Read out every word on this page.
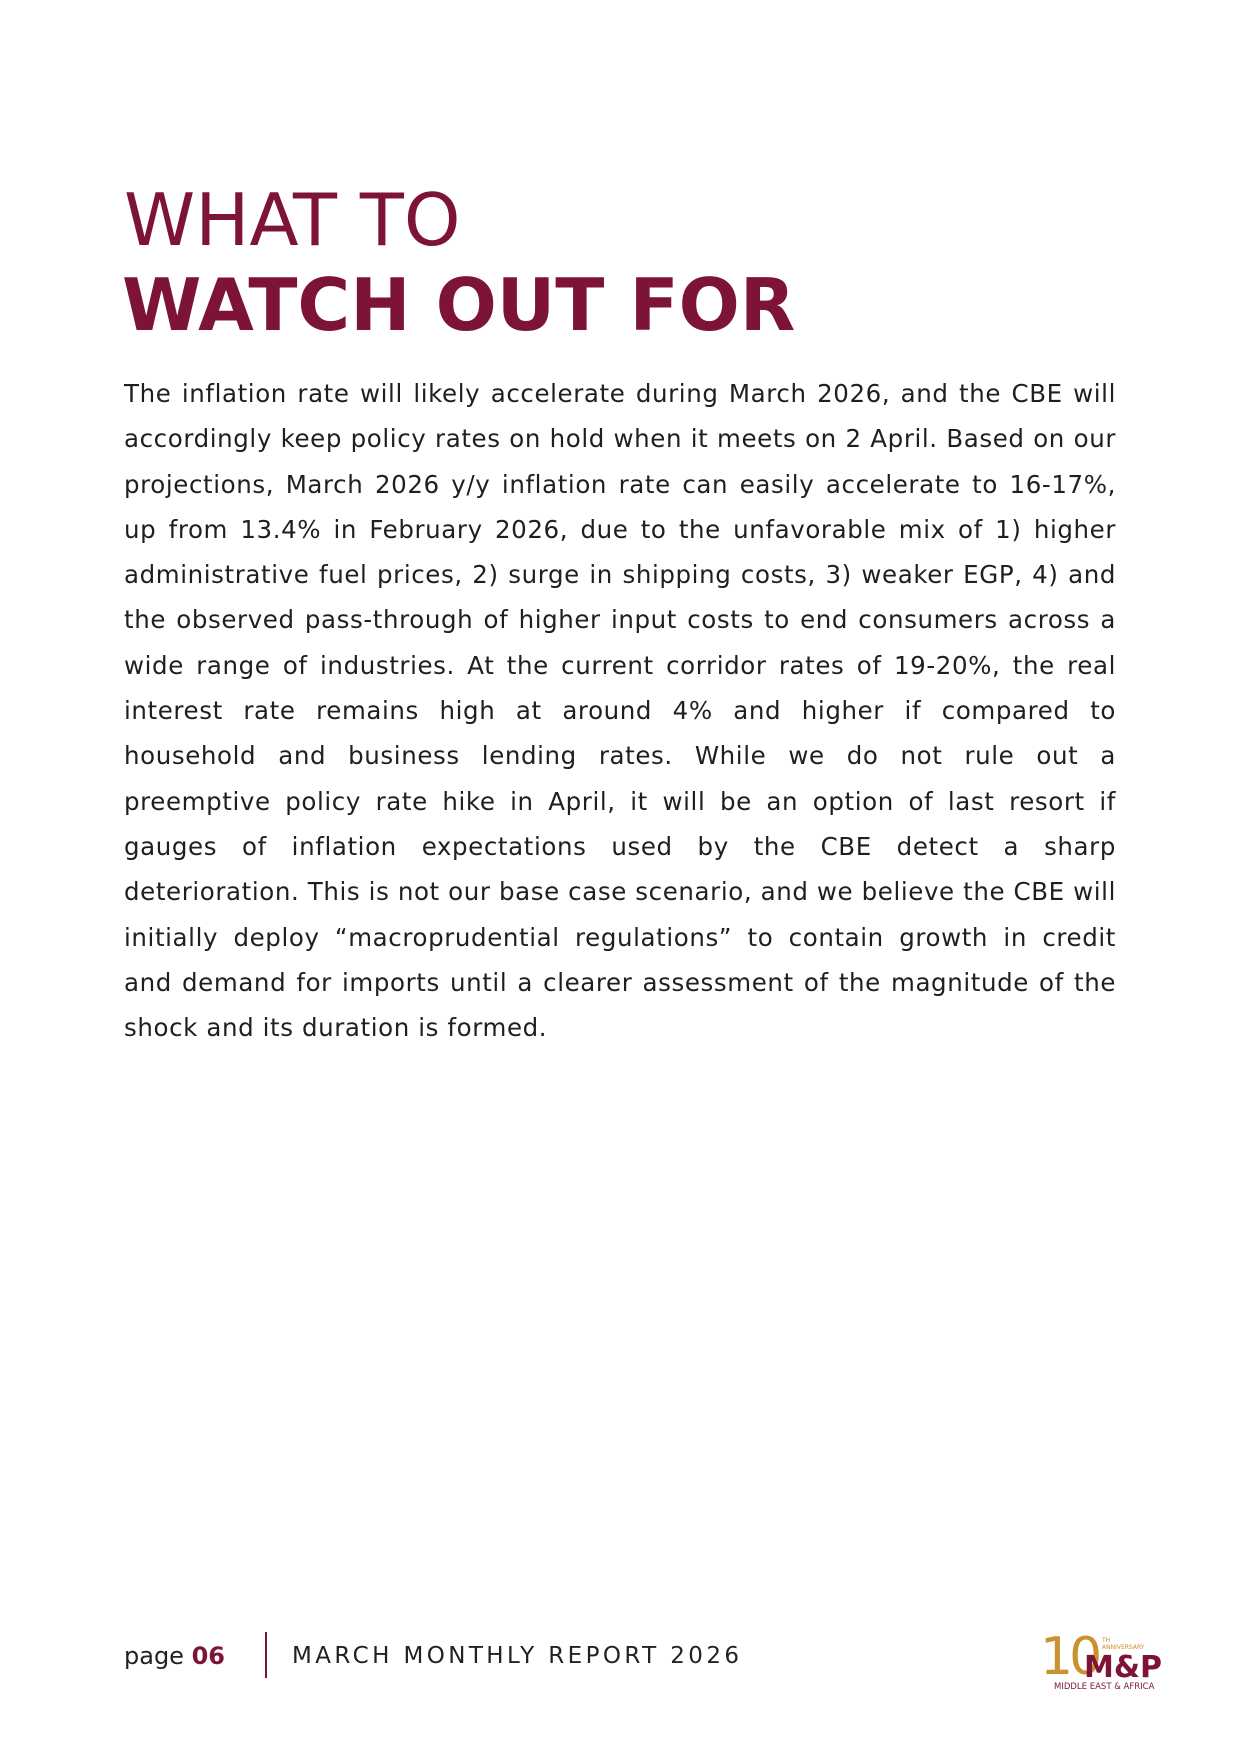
WHAT TO
WATCH OUT FOR

The inflation rate will likely accelerate during March 2026, and the CBE will accordingly keep policy rates on hold when it meets on 2 April. Based on our projections, March 2026 y/y inflation rate can easily accelerate to 16-17%, up from 13.4% in February 2026, due to the unfavorable mix of 1) higher administrative fuel prices, 2) surge in shipping costs, 3) weaker EGP, 4) and the observed pass-through of higher input costs to end consumers across a wide range of industries. At the current corridor rates of 19-20%, the real interest rate remains high at around 4% and higher if compared to household and business lending rates. While we do not rule out a preemptive policy rate hike in April, it will be an option of last resort if gauges of inflation expectations used by the CBE detect a sharp deterioration. This is not our base case scenario, and we believe the CBE will initially deploy “macroprudential regulations” to contain growth in credit and demand for imports until a clearer assessment of the magnitude of the shock and its duration is formed.

page 06	MARCH MONTHLY REPORT 2026	10 TH
ANNIVERSARY
M&P
MIDDLE EAST & AFRICA
